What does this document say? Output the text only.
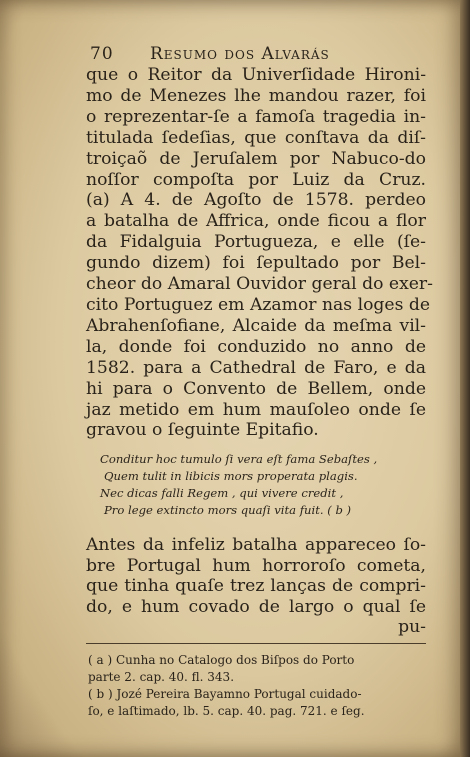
70 Resumo dos Alvarás
que o Reitor da Univerſidade Hironi-
mo de Menezes lhe mandou razer, foi
o reprezentar-ſe a famoſa tragedia in-
titulada ſedeſias, que conſtava da diſ-
troiçaõ de Jeruſalem por Nabuco-do
noſſor compoſta por Luiz da Cruz.
(a) A 4. de Agoſto de 1578. perdeo
a batalha de Affrica, onde ficou a flor
da Fidalguia Portugueza, e elle (ſe-
gundo dizem) foi ſepultado por Bel-
cheor do Amaral Ouvidor geral do exer-
cito Portuguez em Azamor nas loges de
Abrahenſofiane, Alcaide da meſma vil-
la, donde foi conduzido no anno de
1582. para a Cathedral de Faro, e da
hi para o Convento de Bellem, onde
jaz metido em hum mauſoleo onde ſe
gravou o ſeguinte Epitafio.
Conditur hoc tumulo ſi vera eſt fama Sebaſtes ,
Quem tulit in libicis mors properata plagis.
Nec dicas falli Regem , qui vivere credit ,
Pro lege extincto mors quaſi vita fuit. ( b )
Antes da infeliz batalha appareceo ſo-
bre Portugal hum horroroſo cometa,
que tinha quaſe trez lanças de compri-
do, e hum covado de largo o qual ſe
pu-
( a ) Cunha no Catalogo dos Biſpos do Porto
parte 2. cap. 40. fl. 343.
( b ) Jozé Pereira Bayamno Portugal cuidado-
ſo, e laſtimado, lb. 5. cap. 40. pag. 721. e ſeg.
